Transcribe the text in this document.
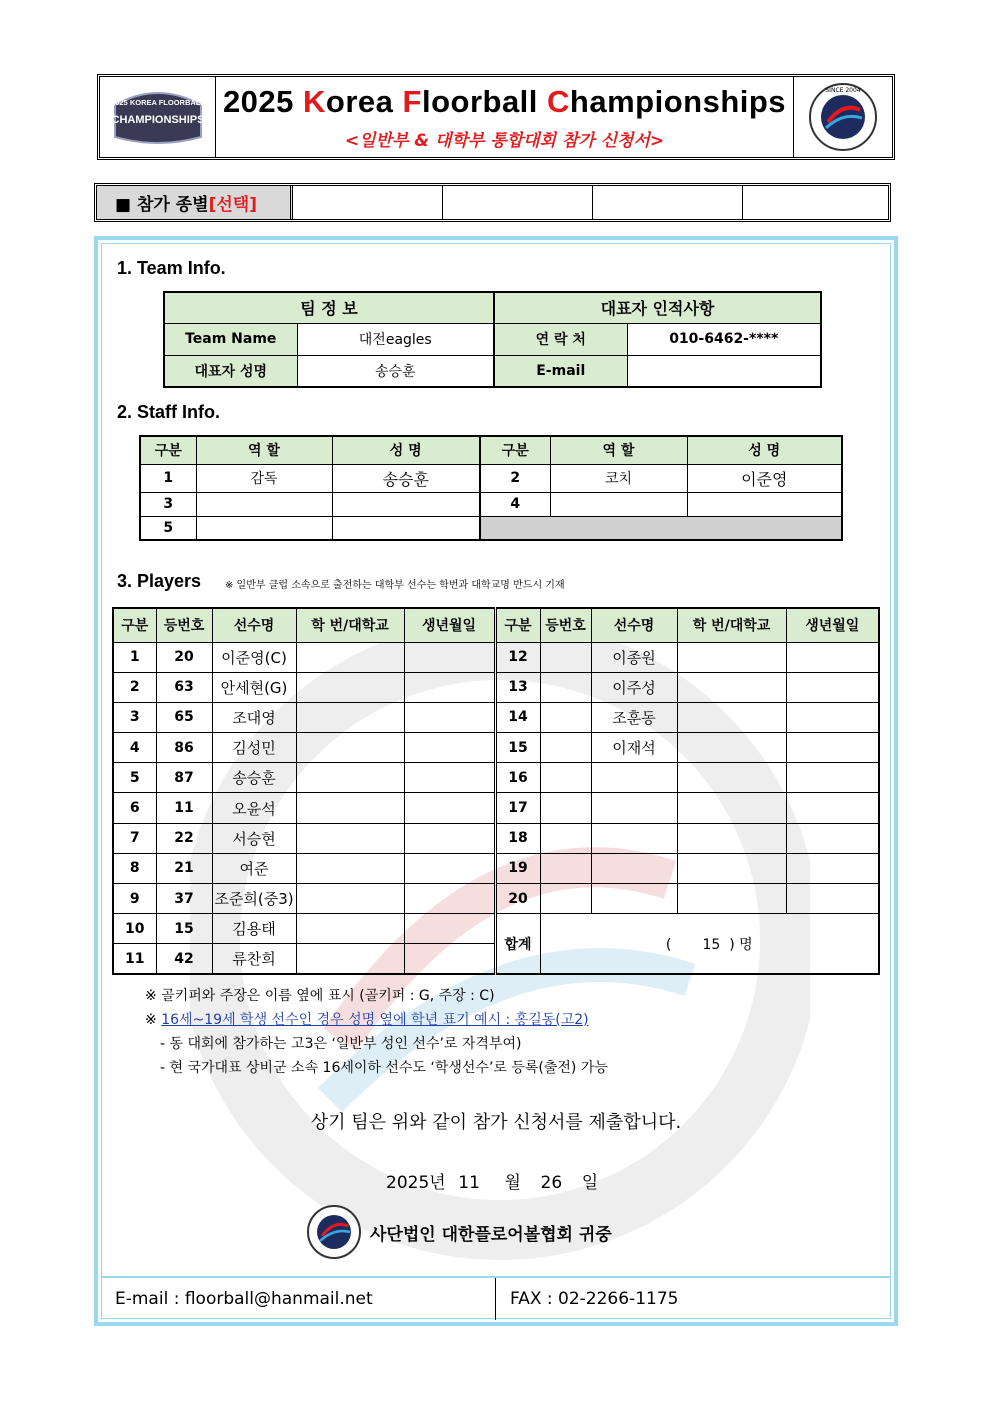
2025 KOREA FLOORBALL
CHAMPIONSHIPS
2025 Korea Floorball Championships
<일반부 & 대학부 통합대회 참가 신청서>
SINCE 2004
■ 참가 종별 [선택]
1. Team Info.
팀 정 보		대표자 인적사항	
Team Name	대전eagles	연 락 처	010-6462-****
대표자 성명	송승훈	E-mail	
2. Staff Info.
구분	역 할	성 명	구분	역 할	성 명
1	감독	송승훈	2	코치	이준영
3			4		
5					
3. Players ※ 일반부 클럽 소속으로 출전하는 대학부 선수는 학번과 대학교명 반드시 기재
구분	등번호	선수명	학 번/대학교	생년월일	구분	등번호	선수명	학 번/대학교	생년월일
1	20	이준영(C)			12		이종원		
2	63	안세현(G)			13		이주성		
3	65	조대영			14		조훈동		
4	86	김성민			15		이재석		
5	87	송승훈			16				
6	11	오윤석			17				
7	22	서승현			18				
8	21	여준			19				
9	37	조준희(중3)			20				
10	15	김용태			합계	(       15  ) 명			
11	42	류찬희							
※ 골키퍼와 주장은 이름 옆에 표시 (골키퍼 : G, 주장 : C)
※ 16세~19세 학생 선수인 경우 성명 옆에 학년 표기 예시 : 홍길동(고2)
- 동 대회에 참가하는 고3은 ‘일반부 성인 선수’로 자격부여)
- 현 국가대표 상비군 소속 16세이하 선수도 ‘학생선수’로 등록(출전) 가능
상기 팀은 위와 같이 참가 신청서를 제출합니다.
2025년 11 월 26 일
사단법인 대한플로어볼협회 귀중
E-mail : floorball@hanmail.net	FAX : 02-2266-1175
